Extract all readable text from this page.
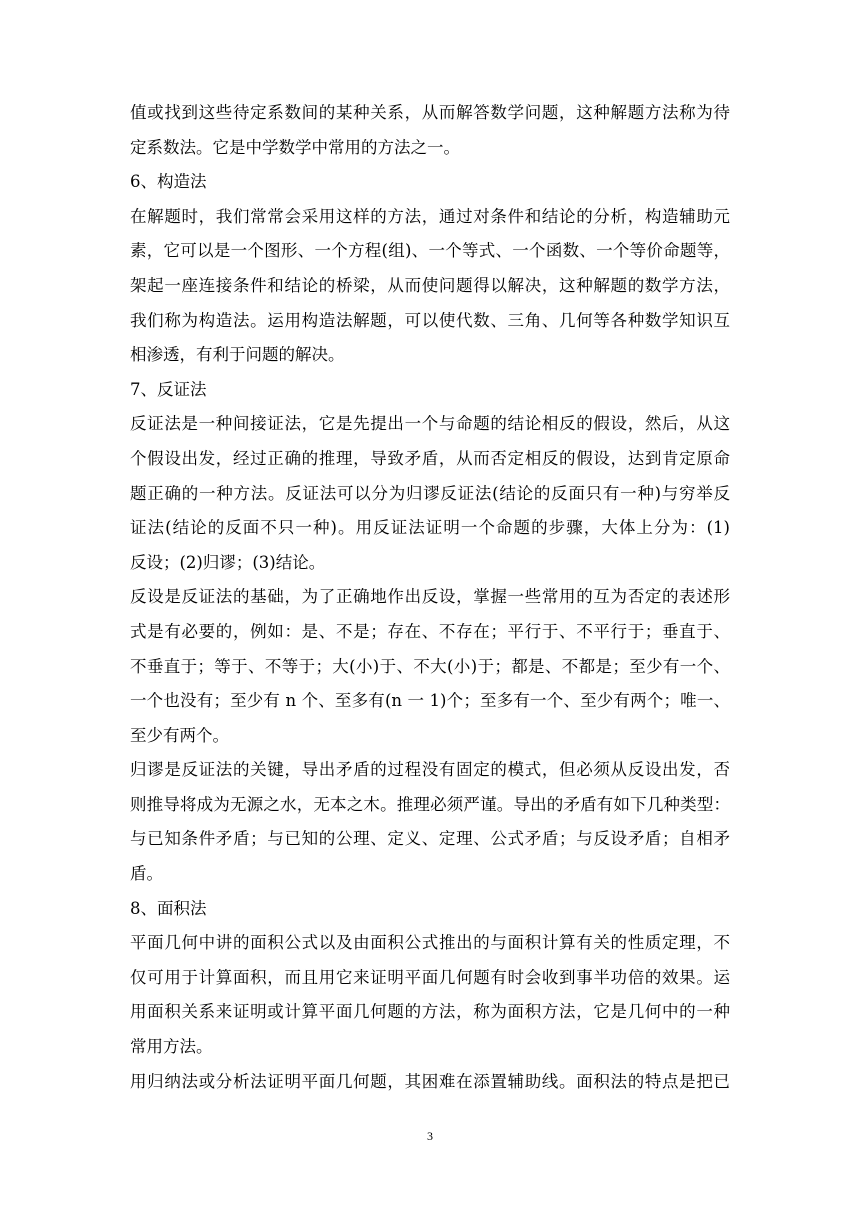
值或找到这些待定系数间的某种关系，从而解答数学问题，这种解题方法称为待
定系数法。它是中学数学中常用的方法之一。
6、构造法
在解题时，我们常常会采用这样的方法，通过对条件和结论的分析，构造辅助元
素，它可以是一个图形、一个方程(组)、一个等式、一个函数、一个等价命题等，
架起一座连接条件和结论的桥梁，从而使问题得以解决，这种解题的数学方法，
我们称为构造法。运用构造法解题，可以使代数、三角、几何等各种数学知识互
相渗透，有利于问题的解决。
7、反证法
反证法是一种间接证法，它是先提出一个与命题的结论相反的假设，然后，从这
个假设出发，经过正确的推理，导致矛盾，从而否定相反的假设，达到肯定原命
题正确的一种方法。反证法可以分为归谬反证法(结论的反面只有一种)与穷举反
证法(结论的反面不只一种)。用反证法证明一个命题的步骤，大体上分为：(1)
反设；(2)归谬；(3)结论。
反设是反证法的基础，为了正确地作出反设，掌握一些常用的互为否定的表述形
式是有必要的，例如：是、不是；存在、不存在；平行于、不平行于；垂直于、
不垂直于；等于、不等于；大(小)于、不大(小)于；都是、不都是；至少有一个、
一个也没有；至少有 n 个、至多有(n 一 1)个；至多有一个、至少有两个；唯一、
至少有两个。
归谬是反证法的关键，导出矛盾的过程没有固定的模式，但必须从反设出发，否
则推导将成为无源之水，无本之木。推理必须严谨。导出的矛盾有如下几种类型：
与已知条件矛盾；与已知的公理、定义、定理、公式矛盾；与反设矛盾；自相矛
盾。
8、面积法
平面几何中讲的面积公式以及由面积公式推出的与面积计算有关的性质定理，不
仅可用于计算面积，而且用它来证明平面几何题有时会收到事半功倍的效果。运
用面积关系来证明或计算平面几何题的方法，称为面积方法，它是几何中的一种
常用方法。
用归纳法或分析法证明平面几何题，其困难在添置辅助线。面积法的特点是把已
3
